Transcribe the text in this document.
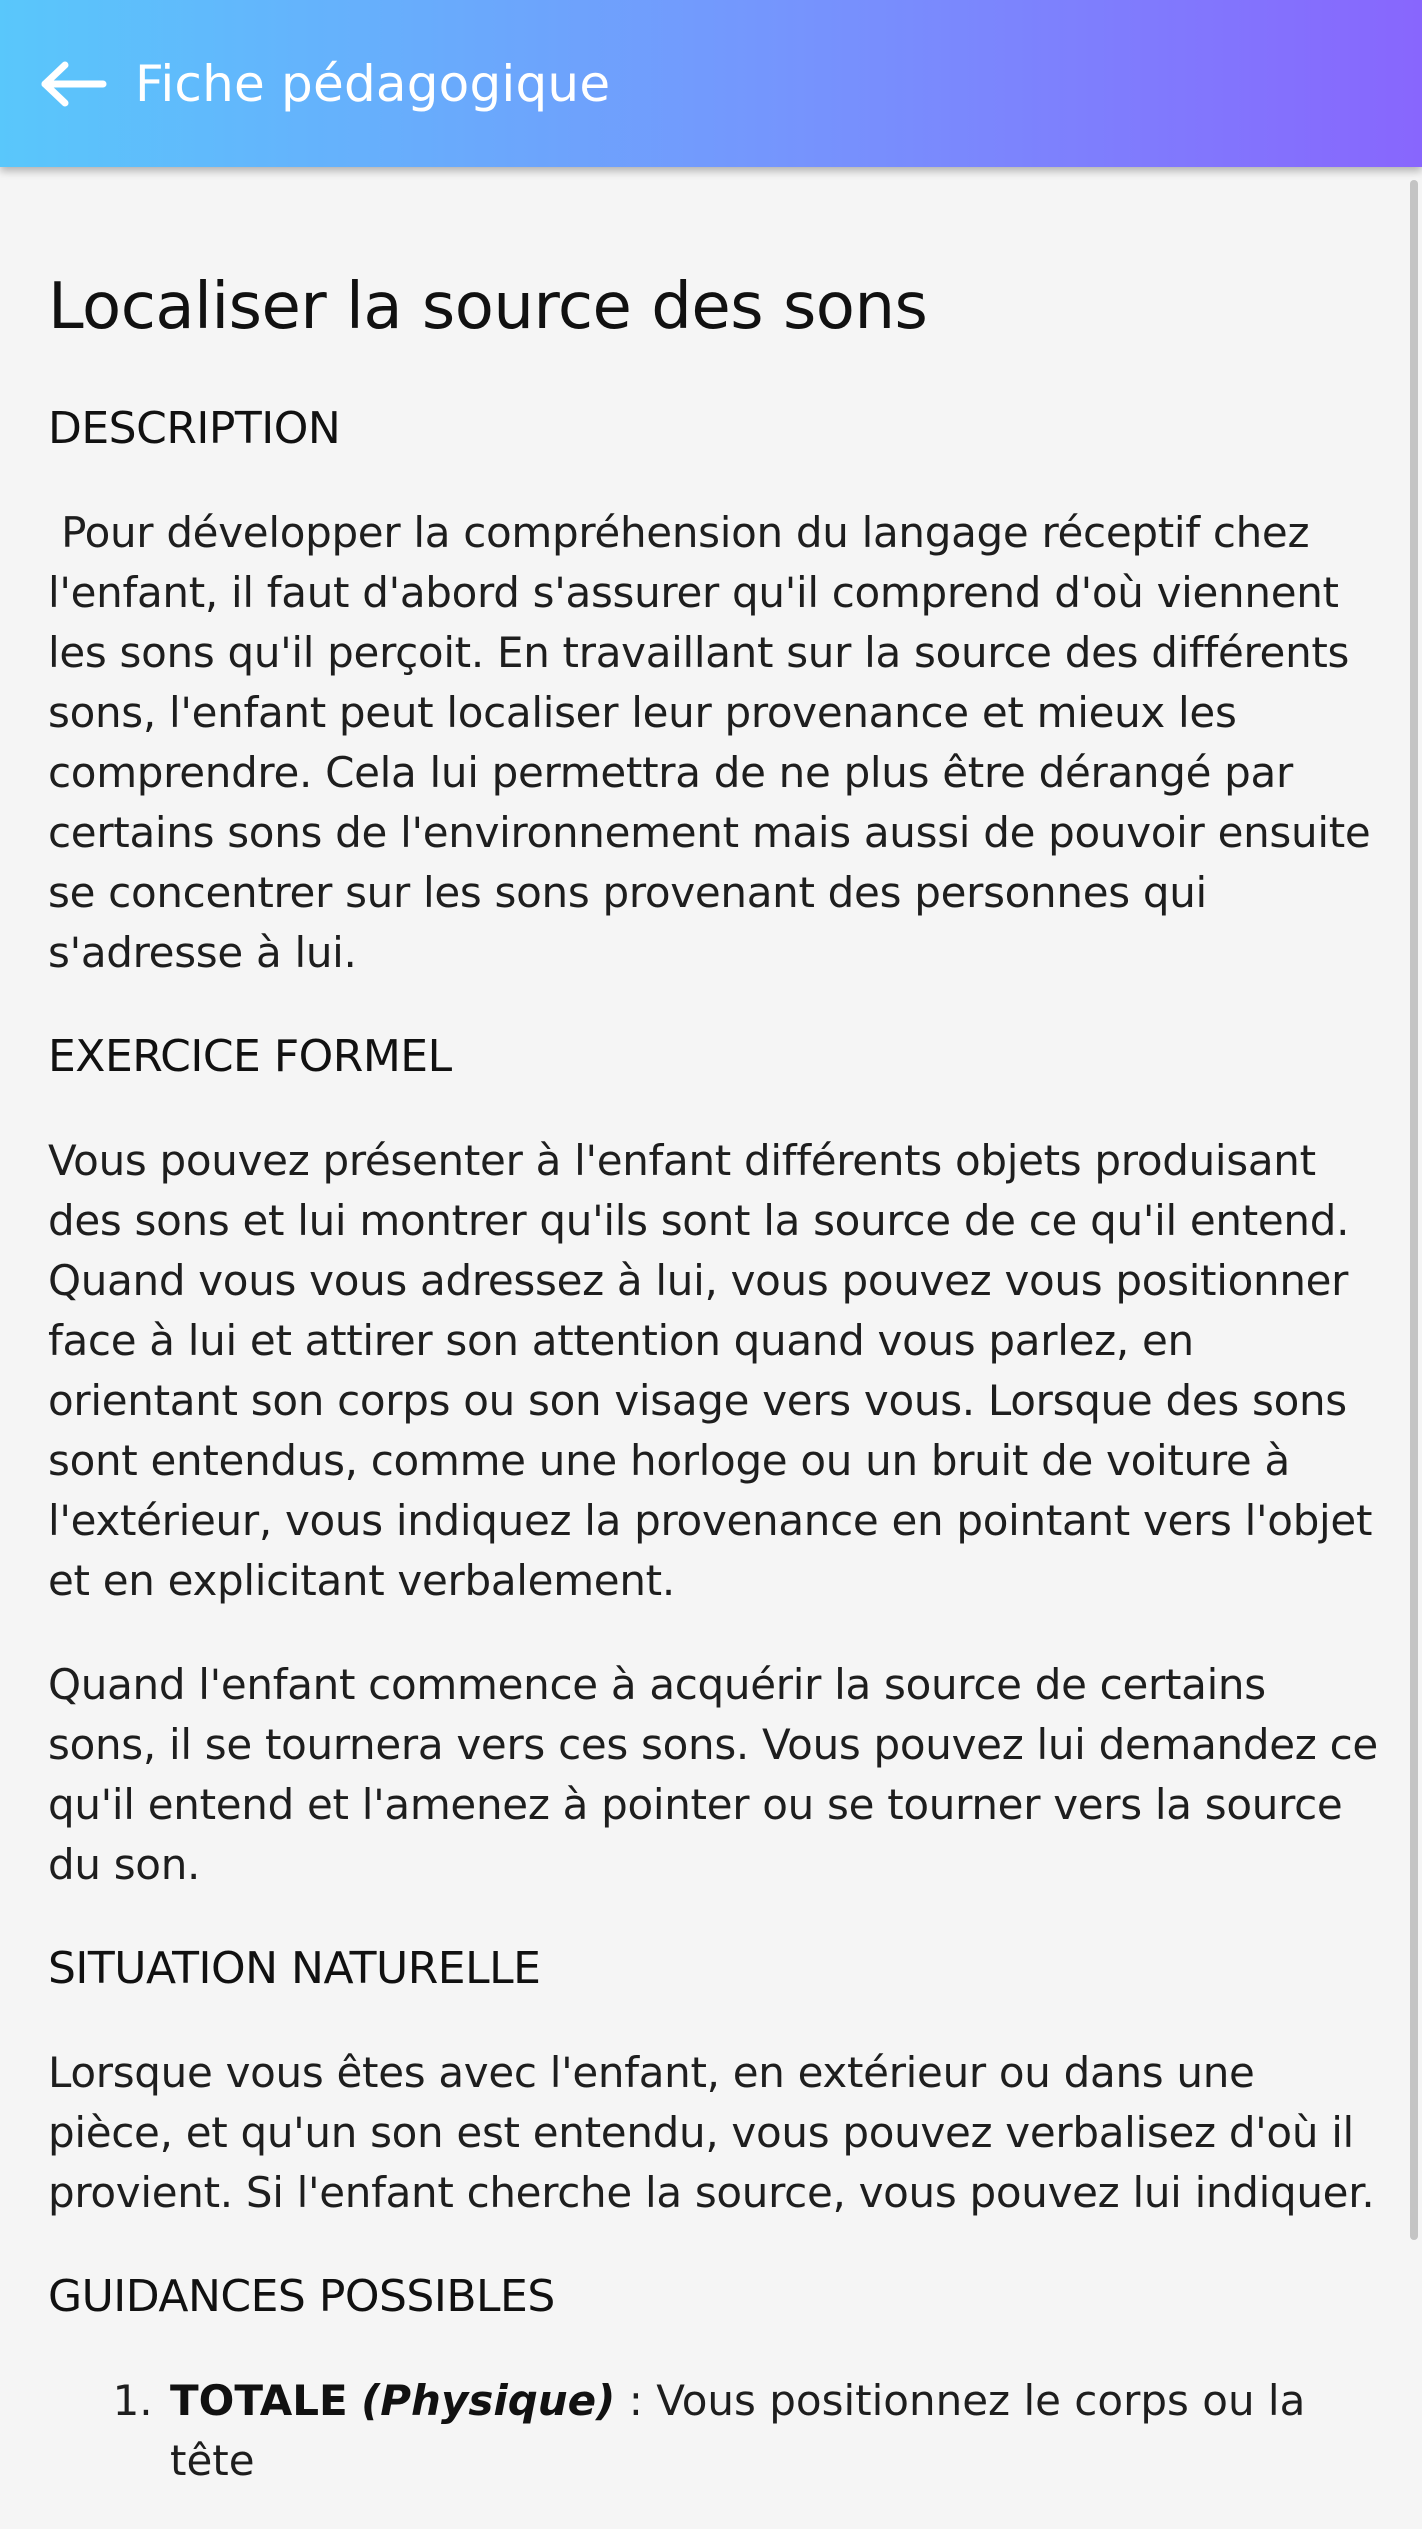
Fiche pédagogique
Localiser la source des sons
DESCRIPTION

Pour développer la compréhension du langage réceptif chez l'enfant, il faut d'abord s'assurer qu'il comprend d'où viennent les sons qu'il perçoit. En travaillant sur la source des différents sons, l'enfant peut localiser leur provenance et mieux les comprendre. Cela lui permettra de ne plus être dérangé par certains sons de l'environnement mais aussi de pouvoir ensuite se concentrer sur les sons provenant des personnes qui s'adresse à lui.

EXERCICE FORMEL

Vous pouvez présenter à l'enfant différents objets produisant des sons et lui montrer qu'ils sont la source de ce qu'il entend. Quand vous vous adressez à lui, vous pouvez vous positionner face à lui et attirer son attention quand vous parlez, en orientant son corps ou son visage vers vous. Lorsque des sons sont entendus, comme une horloge ou un bruit de voiture à l'extérieur, vous indiquez la provenance en pointant vers l'objet et en explicitant verbalement.

Quand l'enfant commence à acquérir la source de certains sons, il se tournera vers ces sons. Vous pouvez lui demandez ce qu'il entend et l'amenez à pointer ou se tourner vers la source du son.

SITUATION NATURELLE

Lorsque vous êtes avec l'enfant, en extérieur ou dans une pièce, et qu'un son est entendu, vous pouvez verbalisez d'où il provient. Si l'enfant cherche la source, vous pouvez lui indiquer.

GUIDANCES POSSIBLES
1. TOTALE (Physique) : Vous positionnez le corps ou la tête
